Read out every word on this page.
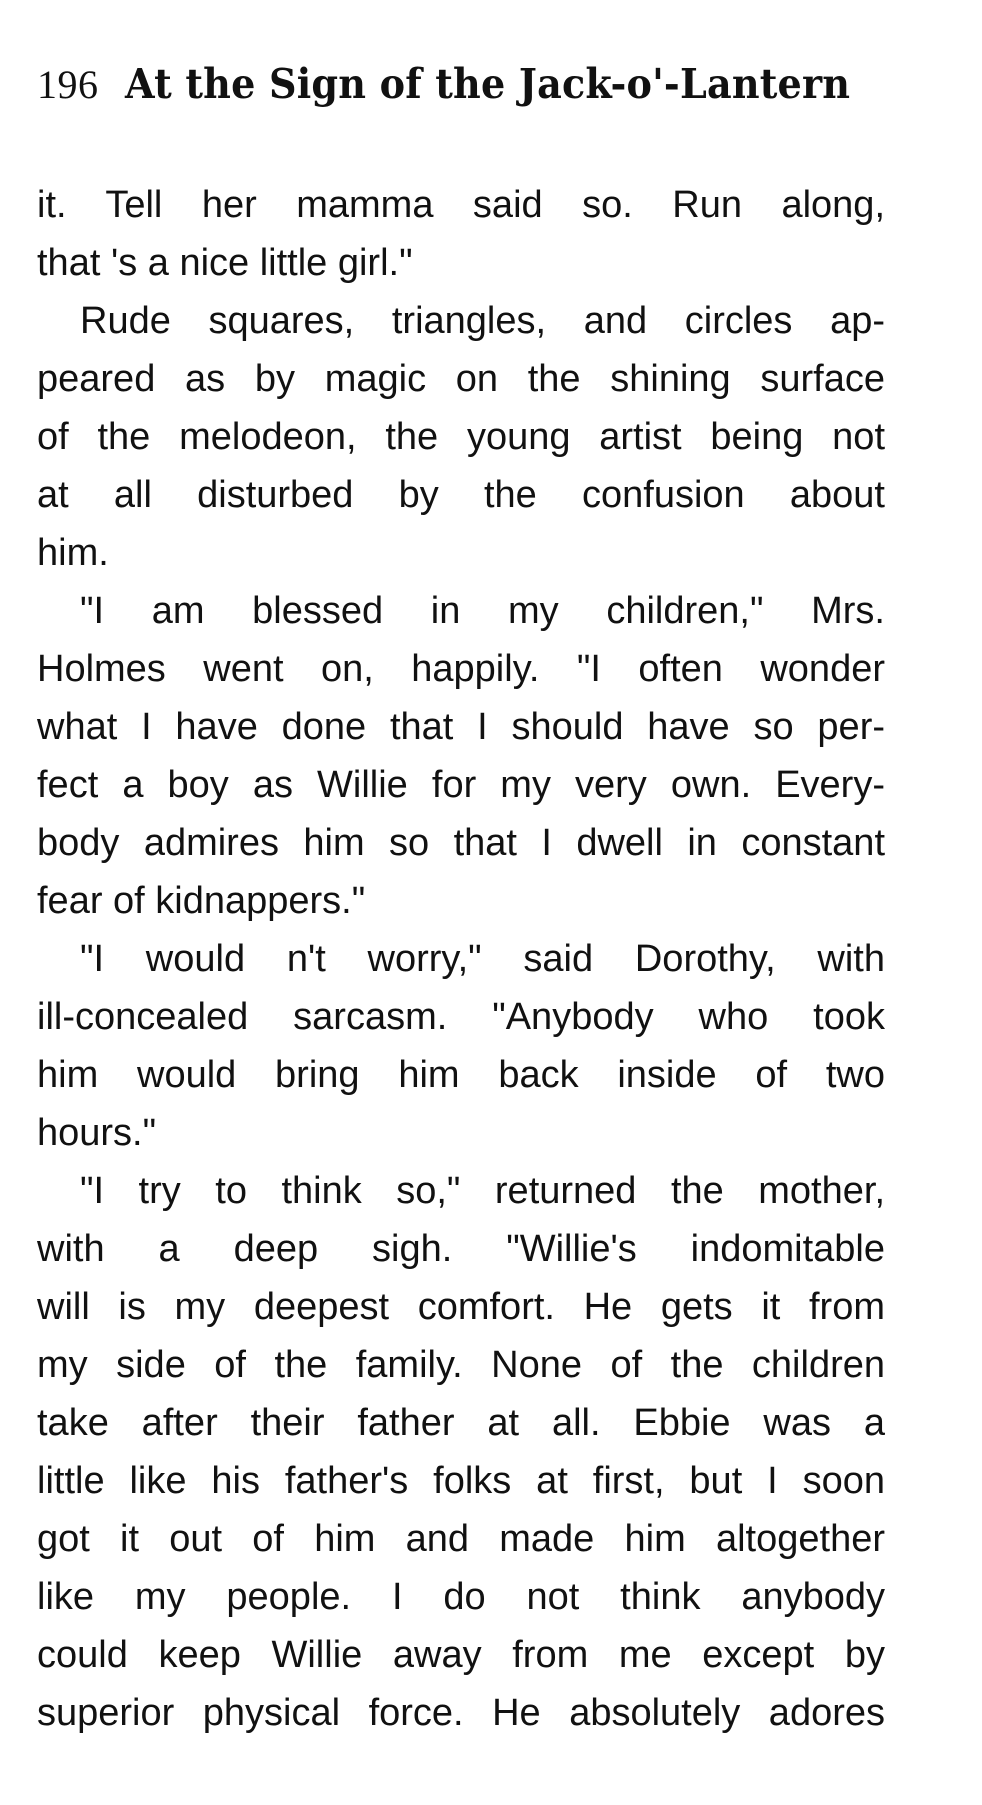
196 At the Sign of the Jack-o'-Lantern
it. Tell her mamma said so. Run along,
that 's a nice little girl."
Rude squares, triangles, and circles ap-
peared as by magic on the shining surface
of the melodeon, the young artist being not
at all disturbed by the confusion about
him.
"I am blessed in my children," Mrs.
Holmes went on, happily. "I often wonder
what I have done that I should have so per-
fect a boy as Willie for my very own. Every-
body admires him so that I dwell in constant
fear of kidnappers."
"I would n't worry," said Dorothy, with
ill-concealed sarcasm. "Anybody who took
him would bring him back inside of two
hours."
"I try to think so," returned the mother,
with a deep sigh. "Willie's indomitable
will is my deepest comfort. He gets it from
my side of the family. None of the children
take after their father at all. Ebbie was a
little like his father's folks at first, but I soon
got it out of him and made him altogether
like my people. I do not think anybody
could keep Willie away from me except by
superior physical force. He absolutely adores
